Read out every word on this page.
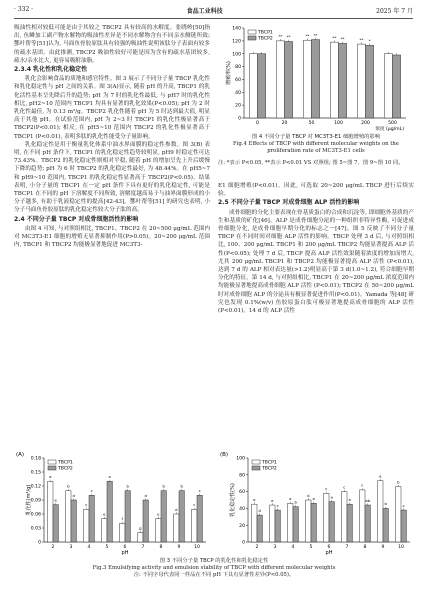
· 332 ·	食品工业科技	2025 年 7 月

吸油性相对较低可能是由于其较之 TBCP2 具有较高的水解度。张晓岭[50]指出, 鱼鳞加工副产物水解物的吸油性差异是不同水解物含有不同亲水侧链所致; 酆叶帮等[51]认为, 马面鱼骨胶原肽具有较强的吸油性说明该肽分子表面有较多的疏水基团。由此推测, TBCP2 吸油性较好可能是因为含有的疏水基团较多, 疏水/亲水比大, 更容易吸附油脂。

2.3.4 乳化性和乳化稳定性

乳化会影响食品的质地和感官特性。图 3 展示了不同分子量 TBCP 乳化性和乳化稳定性与 pH 之间的关系。图 3(A)显示, 随着 pH 的升高, TBCP1 的乳化活性基本呈先降后升的趋势; pH 为 7 时的乳化性最低, 与 pH7 时的乳化性相比, pH2~10 范围内 TBCP1 均具有显著的乳化效果(P<0.05); pH 为 2 时乳化性最佳, 为 0.13 m²/g。TBCP2 乳化性随着 pH 为 5 时达到最大值, 明显高于其他 pH。在试验范围内, pH 为 2~3 时 TBCP1 的乳化性极显著高于 TBCP2(P<0.01); 相反, 在 pH5~10 范围内 TBCP2 的乳化性极显著高于 TBCP1 (P<0.01), 表明多肽的乳化性能受分子量影响。

乳化稳定性是用于衡量乳化体系中油水界面膜的稳定性参数。图 3(B) 表明, 在不同 pH 条件下, TBCP1 的乳化稳定性趋势较明显, pH9 时稳定性可达 73.43%。TBCP2 的乳化稳定性则相对平稳, 随着 pH 的增加呈先上升后缓慢下降的趋势; pH 为 6 时 TBCP2 的乳化稳定性最好, 为 48.44%。在 pH5~7 和 pH9~10 范围内, TBCP1 的乳化稳定性显著高于 TBCP2(P<0.05)。结果表明, 小分子量的 TBCP1 在一定 pH 条件下具有更好的乳化稳定性, 可能是 TBCP1 在不同的 pH 下溶解度不同所致, 溶解度越高易于与油界面膜形成的小分子越多, 有助于乳液稳定性的提高[42-43]。酆叶帮等[51] 的研究也表明, 小分子马面鱼骨胶原肽的乳化稳定性较大分子肽的高。

2.4 不同分子量 TBCP 对成骨细胞活性的影响

由图 4 可知, 与对照组相比, TBCP1、TBCP2 在 20~500 μg/mL 范围内对 MC3T3-E1 细胞的增殖无显著抑制作用(P>0.05)。20~200 μg/mL 范围内, TBCP1 和 TBCP2 均能极显著地促进 MC3T3-

0
20
40
60
80
100
120
140
增殖率(%)
0	20
** **
50
** **
100
** **
200
** *
500
TBCP1
TBCP2
浓度 (μg/mL)
图 4 不同分子量 TBCP 对 MC3T3-E1 细胞增殖的影响
Fig.4 Effects of TBCP with different molecular weights on the proliferation rate of MC3T3-E1 cells
注: *表示 P<0.05, **表示 P<0.01 VS 对照组; 图 5~图 7、图 9~图 10 同。

E1 细胞增殖(P<0.01)。因此, 可选取 20~200 μg/mL TBCP 进行后续实验。

2.5 不同分子量 TBCP 对成骨细胞 ALP 活性的影响

成骨细胞的分化主要表现在骨基质蛋白的合成和沉淀等, 即细胞外基质的产生和基质的矿化[46]。ALP 是成骨细胞分泌的一种组织非特异性酶, 可促进成骨细胞分化, 是成骨细胞早期分化的标志之一[47]。图 5 反映了不同分子量 TBCP 在不同时间对细胞 ALP 活性的影响。TBCP 处理 3 d 后, 与对照组相比, 100、200 μg/mL TBCP1 和 200 μg/mL TBCP2 均能显著提高 ALP 活性(P<0.05); 处理 7 d 后, TBCP 提高 ALP 活性效果随着浓度的增加而增大, 尤其 200 μg/mL TBCP1 和 TBCP2 均能极显著提高 ALP 活性 (P<0.01), 达到 7 d 的 ALP 相对表达量(>1.2)明显高于第 3 d(1.0~1.2), 符合细胞早期分化的特征。第 14 d, 与对照组相比, TBCP1 在 20~200 μg/mL 浓度范围内均能极显著地提高成骨细胞 ALP 活性 (P<0.01); TBCP2 在 50~200 μg/mL 时对成骨细胞 ALP 的分泌具有极显著促进作用(P<0.01)。Yamada 等[48] 研究也发现 0.1%(w/v) 鱼胶原蛋白肽可极显著地提高成骨细胞的 ALP 活性(P<0.01)。14 d 的 ALP 活性

0
0.03
0.06
0.09
0.12
0.15
0.18
乳化性(m²/g)
2
a
e
3
b
d
4
c
c
5
e
a
6
f
b
7
g
d
8
e
b
9
d
b
10
c
c
pH
TBCP1
TBCP2
(A)
0
20
40
60
80
100
乳化稳定性(%)
2
e
d
3
e
c
4
e
b
5
d
a
6
c
a
7
c
a
8
c
ab
9
a
b
10
b
c
pH
TBCP1
TBCP2
(B)
图 3 不同分子量 TBCP 的乳化性和乳化稳定性
Fig.3 Emulsifying activity and emulsion stability of TBCP with different molecular weights
注: 不同字母代表同一样品在不同 pH 下具有显著性差异(P<0.05)。
